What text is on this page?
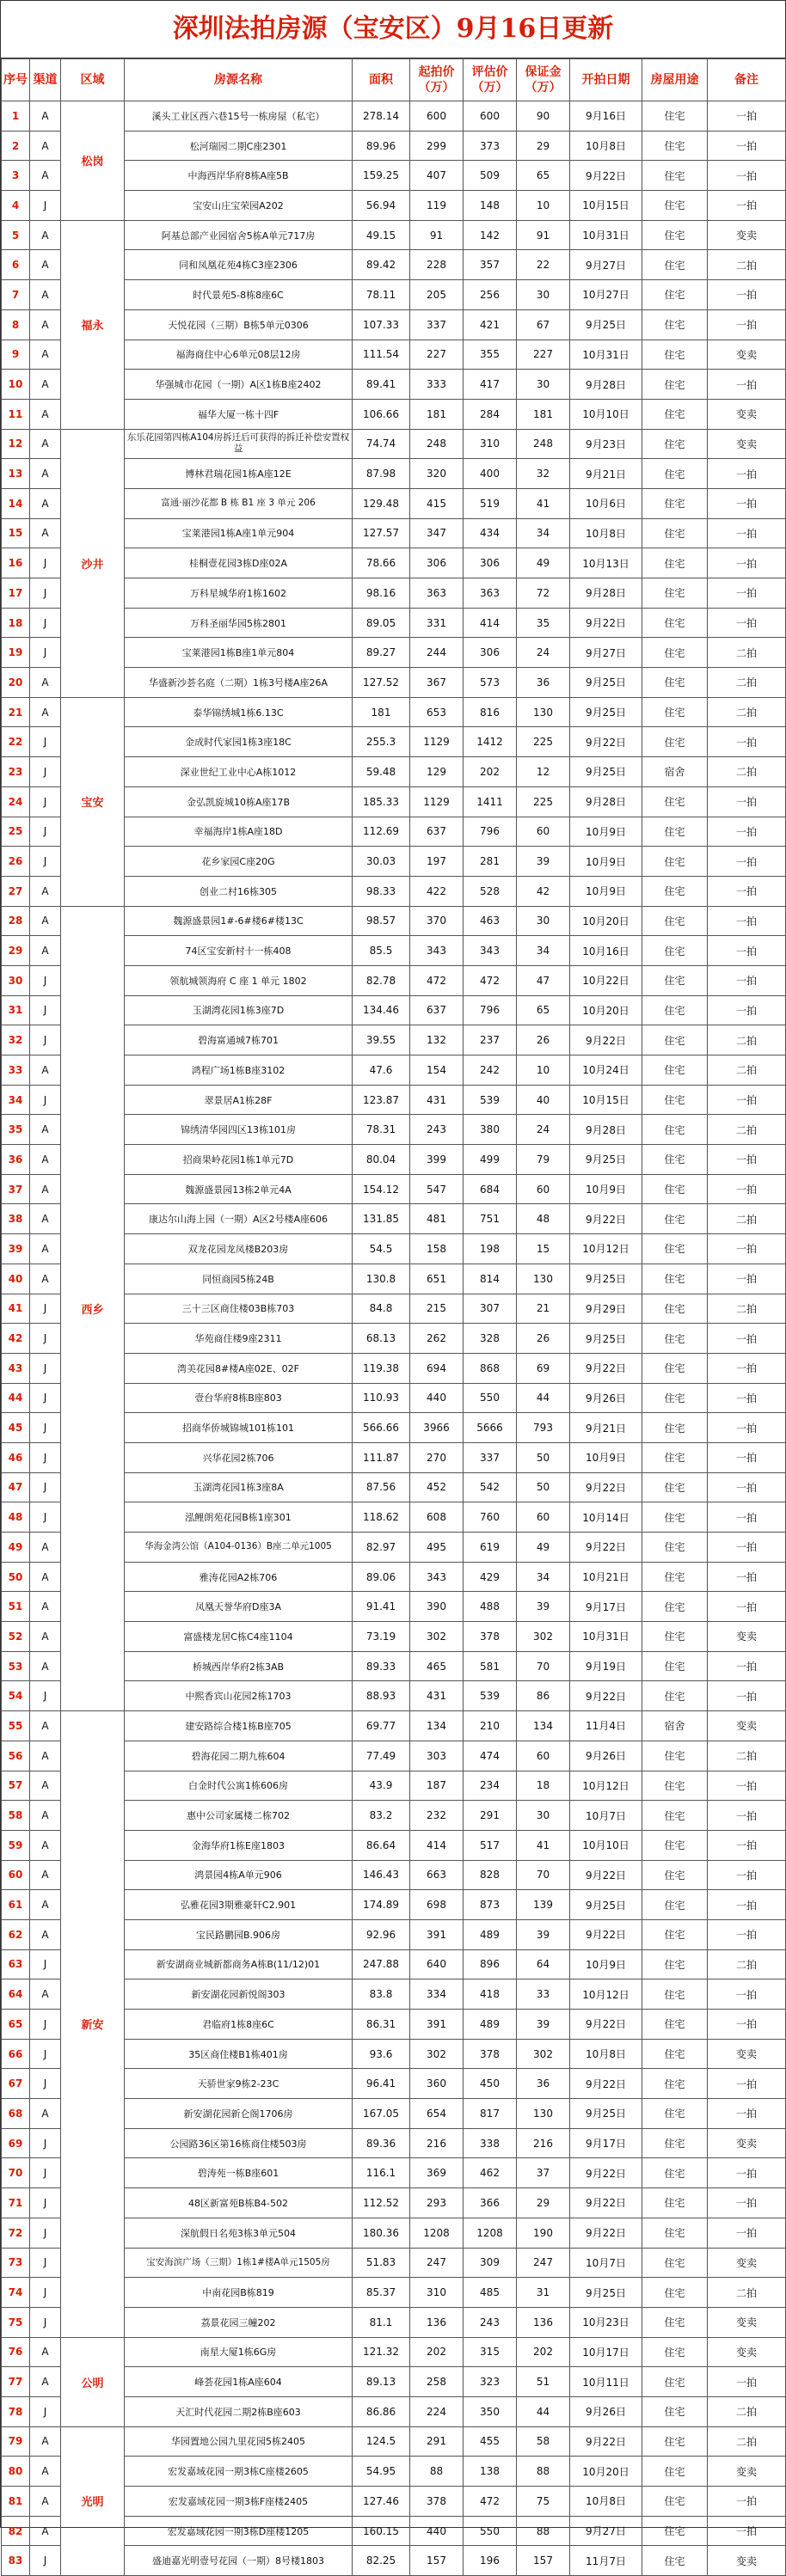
深圳法拍房源（宝安区）9月16日更新
序号	渠道	区域	房源名称	面积	起拍价（万）	评估价（万）	保证金（万）	开拍日期	房屋用途	备注
1	A	松岗	溪头工业区西六巷15号一栋房屋（私宅）	278.14	600	600	90	9月16日	住宅	一拍
2	A		松河瑞园二期C座2301	89.96	299	373	29	10月8日	住宅	一拍
3	A		中海西岸华府8栋A座5B	159.25	407	509	65	9月22日	住宅	一拍
4	J		宝安山庄宝荣园A202	56.94	119	148	10	10月15日	住宅	一拍
5	A	福永	阿基总部产业园宿舍5栋A单元717房	49.15	91	142	91	10月31日	住宅	变卖
6	A		同和凤凰花苑4栋C3座2306	89.42	228	357	22	9月27日	住宅	二拍
7	A		时代景苑5-8栋8座6C	78.11	205	256	30	10月27日	住宅	一拍
8	A		天悦花园（三期）B栋5单元0306	107.33	337	421	67	9月25日	住宅	一拍
9	A		福海商住中心6单元08层12房	111.54	227	355	227	10月31日	住宅	变卖
10	A		华强城市花园（一期）A区1栋B座2402	89.41	333	417	30	9月28日	住宅	一拍
11	A		福华大厦一栋十四F	106.66	181	284	181	10月10日	住宅	变卖
12	A	沙井	东乐花园第四栋A104房拆迁后可获得的拆迁补偿安置权益	74.74	248	310	248	9月23日	住宅	变卖
13	A		博林君瑞花园1栋A座12E	87.98	320	400	32	9月21日	住宅	一拍
14	A		富通·丽沙花都 B 栋 B1 座 3 单元 206	129.48	415	519	41	10月6日	住宅	一拍
15	A		宝莱港园1栋A座1单元904	127.57	347	434	34	10月8日	住宅	一拍
16	J		桂桐壹花园3栋D座02A	78.66	306	306	49	10月13日	住宅	一拍
17	J		万科星城华府1栋1602	98.16	363	363	72	9月28日	住宅	一拍
18	J		万科圣丽华园5栋2801	89.05	331	414	35	9月22日	住宅	一拍
19	J		宝莱港园1栋B座1单元804	89.27	244	306	24	9月27日	住宅	二拍
20	A		华盛新沙荟名庭（二期）1栋3号楼A座26A	127.52	367	573	36	9月25日	住宅	二拍
21	A	宝安	泰华锦绣城1栋6.13C	181	653	816	130	9月25日	住宅	二拍
22	J		金成时代家园1栋3座18C	255.3	1129	1412	225	9月22日	住宅	一拍
23	J		深业世纪工业中心A栋1012	59.48	129	202	12	9月25日	宿舍	二拍
24	J		金弘凯旋城10栋A座17B	185.33	1129	1411	225	9月28日	住宅	一拍
25	J		幸福海岸1栋A座18D	112.69	637	796	60	10月9日	住宅	一拍
26	J		花乡家园C座20G	30.03	197	281	39	10月9日	住宅	一拍
27	A		创业二村16栋305	98.33	422	528	42	10月9日	住宅	一拍
28	A	西乡	魏源盛景园1#-6#楼6#楼13C	98.57	370	463	30	10月20日	住宅	一拍
29	A		74区宝安新村十一栋408	85.5	343	343	34	10月16日	住宅	一拍
30	J		领航城领海府 C 座 1 单元 1802	82.78	472	472	47	10月22日	住宅	一拍
31	J		玉湖湾花园1栋3座7D	134.46	637	796	65	10月20日	住宅	一拍
32	J		碧海富通城7栋701	39.55	132	237	26	9月22日	住宅	二拍
33	A		鸿程广场1栋B座3102	47.6	154	242	10	10月24日	住宅	二拍
34	J		翠景居A1栋28F	123.87	431	539	40	10月15日	住宅	一拍
35	A		锦绣清华园四区13栋101房	78.31	243	380	24	9月28日	住宅	二拍
36	A		招商果岭花园1栋1单元7D	80.04	399	499	79	9月25日	住宅	一拍
37	A		魏源盛景园13栋2单元4A	154.12	547	684	60	10月9日	住宅	一拍
38	A		康达尔山海上园（一期）A区2号楼A座606	131.85	481	751	48	9月22日	住宅	二拍
39	A		双龙花园龙凤楼B203房	54.5	158	198	15	10月12日	住宅	一拍
40	A		同恒商园5栋24B	130.8	651	814	130	9月25日	住宅	一拍
41	J		三十三区商住楼03B栋703	84.8	215	307	21	9月29日	住宅	二拍
42	J		华苑商住楼9座2311	68.13	262	328	26	9月25日	住宅	一拍
43	J		湾美花园8#楼A座02E、02F	119.38	694	868	69	9月22日	住宅	一拍
44	J		壹台华府8栋B座803	110.93	440	550	44	9月26日	住宅	一拍
45	J		招商华侨城锦城101栋101	566.66	3966	5666	793	9月21日	住宅	一拍
46	J		兴华花园2栋706	111.87	270	337	50	10月9日	住宅	一拍
47	J		玉湖湾花园1栋3座8A	87.56	452	542	50	9月22日	住宅	一拍
48	J		泓鲤朗苑花园B栋1座301	118.62	608	760	60	10月14日	住宅	一拍
49	A		华海金湾公馆（A104-0136）B座二单元1005	82.97	495	619	49	9月22日	住宅	一拍
50	A		雅涛花园A2栋706	89.06	343	429	34	10月21日	住宅	一拍
51	A		凤凰天誉华府D座3A	91.41	390	488	39	9月17日	住宅	一拍
52	A		富盛楼龙居C栋C4座1104	73.19	302	378	302	10月31日	住宅	变卖
53	A		桥城西岸华府2栋3AB	89.33	465	581	70	9月19日	住宅	一拍
54	J		中熙香宾山花园2栋1703	88.93	431	539	86	9月22日	住宅	一拍
55	A	新安	建安路综合楼1栋B座705	69.77	134	210	134	11月4日	宿舍	变卖
56	A		碧海花园二期九栋604	77.49	303	474	60	9月26日	住宅	二拍
57	A		白金时代公寓1栋606房	43.9	187	234	18	10月12日	住宅	一拍
58	A		惠中公司家属楼二栋702	83.2	232	291	30	10月7日	住宅	一拍
59	A		金海华府1栋E座1803	86.64	414	517	41	10月10日	住宅	一拍
60	A		鸿景园4栋A单元906	146.43	663	828	70	9月22日	住宅	一拍
61	A		弘雅花园3期雅豪轩C2.901	174.89	698	873	139	9月25日	住宅	一拍
62	A		宝民路鹏园B.906房	92.96	391	489	39	9月22日	住宅	一拍
63	J		新安湖商业城新都商务A栋B(11/12)01	247.88	640	896	64	10月9日	住宅	二拍
64	A		新安湖花园新悦阁303	83.8	334	418	33	10月12日	住宅	一拍
65	J		君临府1栋8座6C	86.31	391	489	39	9月22日	住宅	一拍
66	J		35区商住楼B1栋401房	93.6	302	378	302	10月8日	住宅	变卖
67	J		天骄世家9栋2-23C	96.41	360	450	36	9月22日	住宅	一拍
68	A		新安湖花园新仑阁1706房	167.05	654	817	130	9月25日	住宅	一拍
69	J		公园路36区第16栋商住楼503房	89.36	216	338	216	9月17日	住宅	变卖
70	J		碧涛苑一栋B座601	116.1	369	462	37	9月22日	住宅	一拍
71	J		48区新富苑B栋B4-502	112.52	293	366	29	9月22日	住宅	一拍
72	J		深航假日名苑3栋3单元504	180.36	1208	1208	190	9月22日	住宅	一拍
73	J		宝安海滨广场（三期）1栋1#楼A单元1505房	51.83	247	309	247	10月7日	住宅	变卖
74	J		中南花园B栋819	85.37	310	485	31	9月25日	住宅	二拍
75	J		荔景花园三幢202	81.1	136	243	136	10月23日	住宅	变卖
76	A	公明	南星大厦1栋6G房	121.32	202	315	202	10月17日	住宅	变卖
77	A		峰荟花园1栋A座604	89.13	258	323	51	10月11日	住宅	一拍
78	J		天汇时代花园二期2栋B座603	86.86	224	350	44	9月26日	住宅	二拍
79	A	光明	华园置地公园九里花园5栋2405	124.5	291	455	58	9月22日	住宅	二拍
80	A		宏发嘉域花园一期3栋C座楼2605	54.95	88	138	88	10月20日	住宅	变卖
81	A		宏发嘉域花园一期3栋F座楼2405	127.46	378	472	75	10月8日	住宅	一拍
82	A		宏发嘉域花园一期3栋D座楼1205	160.15	440	550	88	9月27日	住宅	一拍
83	J		盛迪嘉光明壹号花园（一期）8号楼1803	82.25	157	196	157	11月7日	住宅	变卖
